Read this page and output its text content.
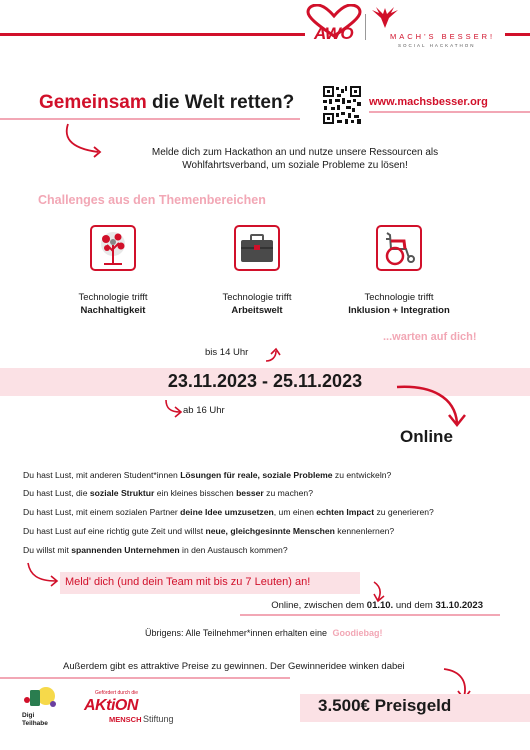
AWO	MACH'S BESSER!
SOCIAL HACKATHON
Gemeinsam die Welt retten?	www.machsbesser.org
Melde dich zum Hackathon an und nutze unsere Ressourcen als
Wohlfahrtsverband, um soziale Probleme zu lösen!
Challenges aus den Themenbereichen
Technologie trifft
Nachhaltigkeit
Technologie trifft
Arbeitswelt
Technologie trifft
Inklusion + Integration
...warten auf dich!
bis 14 Uhr
23.11.2023 - 25.11.2023
ab 16 Uhr
Online
Du hast Lust, mit anderen Student*innen Lösungen für reale, soziale Probleme zu entwickeln?
Du hast Lust, die soziale Struktur ein kleines bisschen besser zu machen?
Du hast Lust, mit einem sozialen Partner deine Idee umzusetzen, um einen echten Impact zu generieren?
Du hast Lust auf eine richtig gute Zeit und willst neue, gleichgesinnte Menschen kennenlernen?
Du willst mit spannenden Unternehmen in den Austausch kommen?
Meld' dich (und dein Team mit bis zu 7 Leuten) an!
Online, zwischen dem 01.10. und dem 31.10.2023
Übrigens: Alle Teilnehmer*innen erhalten eine Goodiebag!
Außerdem gibt es attraktive Preise zu gewinnen. Der Gewinneridee winken dabei
3.500€ Preisgeld
Digi
Teilhabe
Gefördert durch die
AKtiON
MENSCH Stiftung
